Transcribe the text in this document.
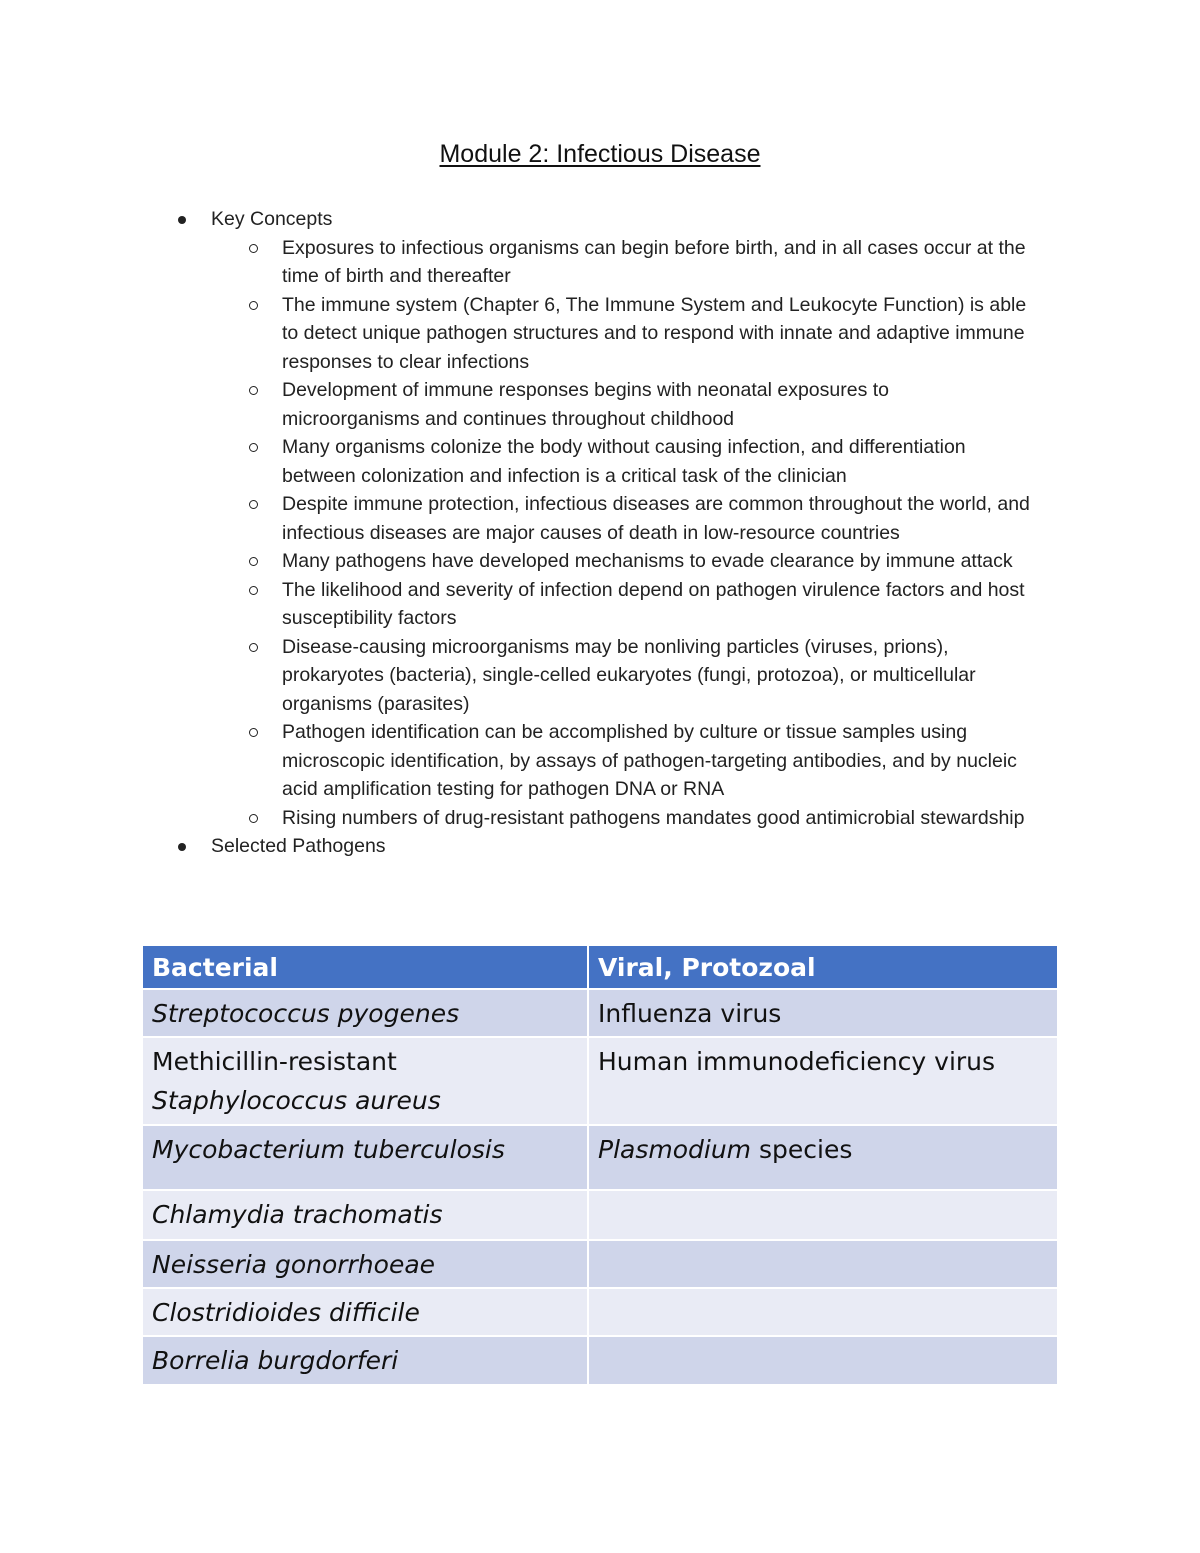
Module 2: Infectious Disease
Key Concepts
Exposures to infectious organisms can begin before birth, and in all cases occur at the time of birth and thereafter
The immune system (Chapter 6, The Immune System and Leukocyte Function) is able to detect unique pathogen structures and to respond with innate and adaptive immune responses to clear infections
Development of immune responses begins with neonatal exposures to microorganisms and continues throughout childhood
Many organisms colonize the body without causing infection, and differentiation between colonization and infection is a critical task of the clinician
Despite immune protection, infectious diseases are common throughout the world, and infectious diseases are major causes of death in low-resource countries
Many pathogens have developed mechanisms to evade clearance by immune attack
The likelihood and severity of infection depend on pathogen virulence factors and host susceptibility factors
Disease-causing microorganisms may be nonliving particles (viruses, prions), prokaryotes (bacteria), single-celled eukaryotes (fungi, protozoa), or multicellular organisms (parasites)
Pathogen identification can be accomplished by culture or tissue samples using microscopic identification, by assays of pathogen-targeting antibodies, and by nucleic acid amplification testing for pathogen DNA or RNA
Rising numbers of drug-resistant pathogens mandates good antimicrobial stewardship
Selected Pathogens
Bacterial	Viral, Protozoal
Streptococcus pyogenes	Influenza virus
Methicillin-resistant
Staphylococcus aureus	Human immunodeficiency virus
Mycobacterium tuberculosis	Plasmodium species
Chlamydia trachomatis	
Neisseria gonorrhoeae	
Clostridioides difficile	
Borrelia burgdorferi	
